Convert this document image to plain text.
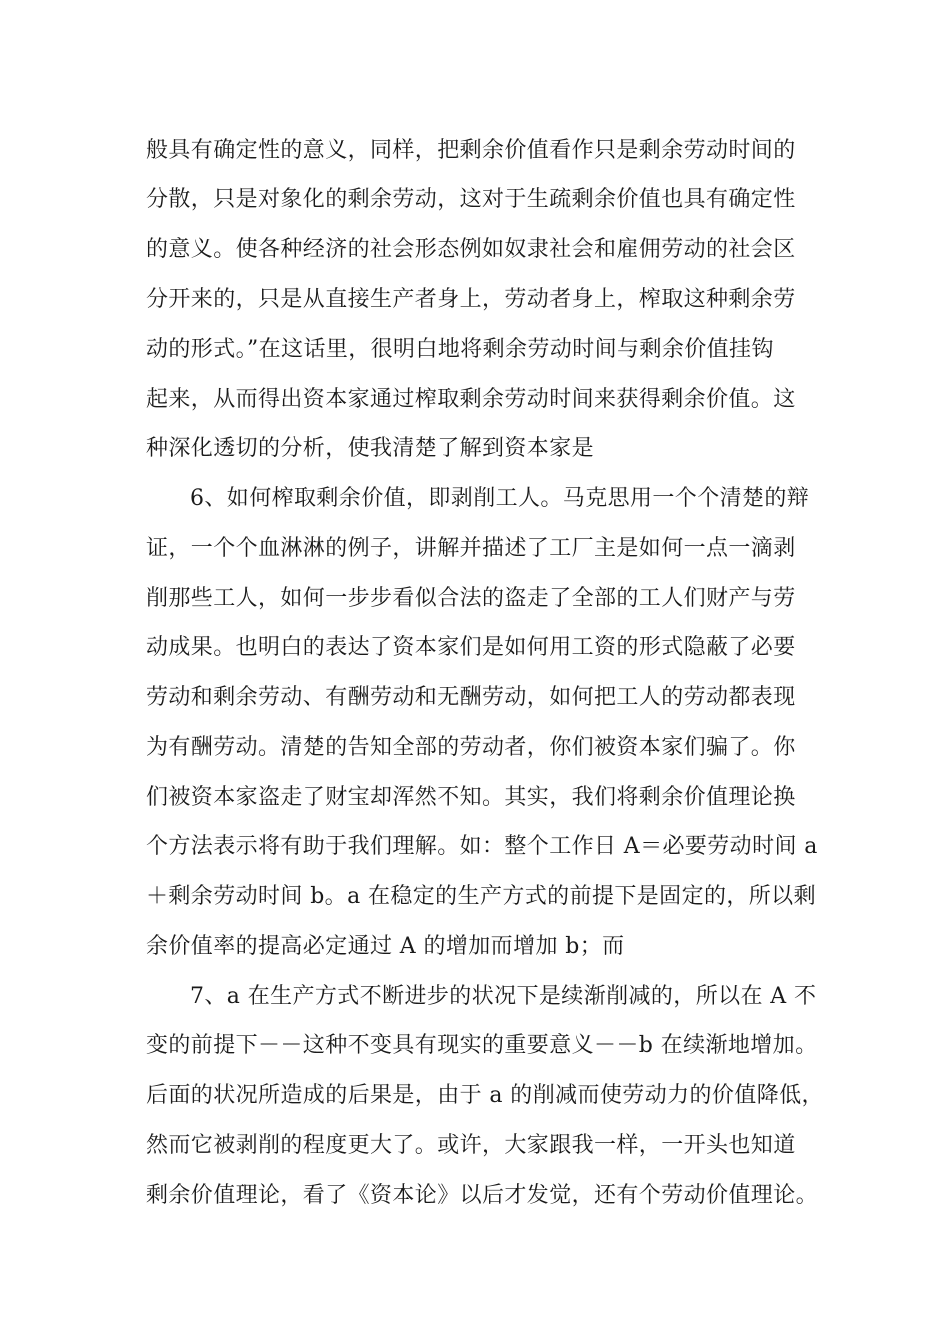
般具有确定性的意义，同样，把剩余价值看作只是剩余劳动时间的
分散，只是对象化的剩余劳动，这对于生疏剩余价值也具有确定性
的意义。使各种经济的社会形态例如奴隶社会和雇佣劳动的社会区
分开来的，只是从直接生产者身上，劳动者身上，榨取这种剩余劳
动的形式。”在这话里，很明白地将剩余劳动时间与剩余价值挂钩
起来，从而得出资本家通过榨取剩余劳动时间来获得剩余价值。这
种深化透切的分析，使我清楚了解到资本家是
6、如何榨取剩余价值，即剥削工人。马克思用一个个清楚的辩
证，一个个血淋淋的例子，讲解并描述了工厂主是如何一点一滴剥
削那些工人，如何一步步看似合法的盗走了全部的工人们财产与劳
动成果。也明白的表达了资本家们是如何用工资的形式隐蔽了必要
劳动和剩余劳动、有酬劳动和无酬劳动，如何把工人的劳动都表现
为有酬劳动。清楚的告知全部的劳动者，你们被资本家们骗了。你
们被资本家盗走了财宝却浑然不知。其实，我们将剩余价值理论换
个方法表示将有助于我们理解。如：整个工作日 A＝必要劳动时间 a
＋剩余劳动时间 b。a 在稳定的生产方式的前提下是固定的，所以剩
余价值率的提高必定通过 A 的增加而增加 b；而
7、a 在生产方式不断进步的状况下是续渐削减的，所以在 A 不
变的前提下－－这种不变具有现实的重要意义－－b 在续渐地增加。
后面的状况所造成的后果是，由于 a 的削减而使劳动力的价值降低，
然而它被剥削的程度更大了。或许，大家跟我一样，一开头也知道
剩余价值理论，看了《资本论》以后才发觉，还有个劳动价值理论。
